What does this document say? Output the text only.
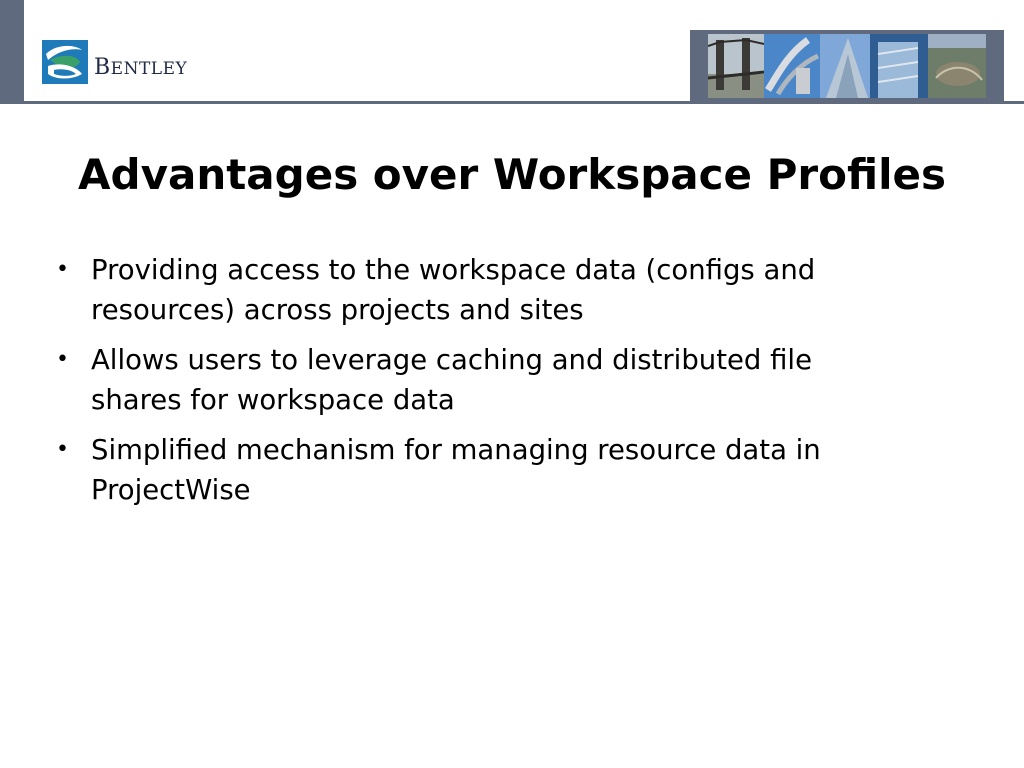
BENTLEY
Advantages over Workspace Profiles
• Providing access to the workspace data (configs and resources) across projects and sites
• Allows users to leverage caching and distributed file shares for workspace data
• Simplified mechanism for managing resource data in ProjectWise
